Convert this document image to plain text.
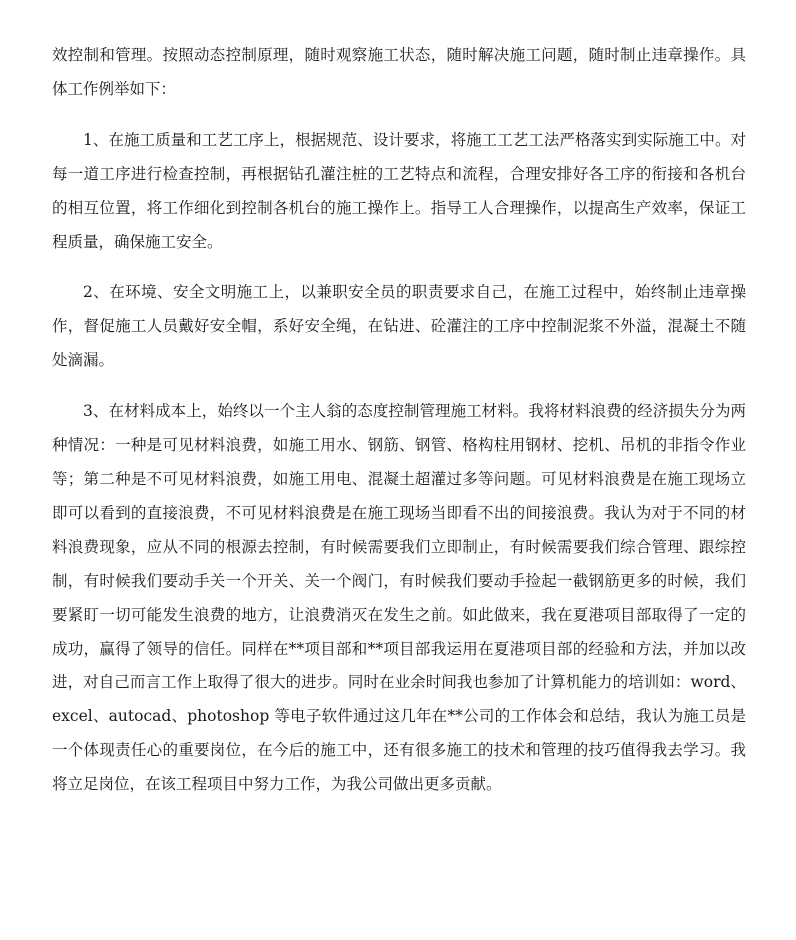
效控制和管理。按照动态控制原理，随时观察施工状态，随时解决施工问题，随时制止违章操作。具体工作例举如下：

1、在施工质量和工艺工序上，根据规范、设计要求，将施工工艺工法严格落实到实际施工中。对每一道工序进行检查控制，再根据钻孔灌注桩的工艺特点和流程，合理安排好各工序的衔接和各机台的相互位置，将工作细化到控制各机台的施工操作上。指导工人合理操作，以提高生产效率，保证工程质量，确保施工安全。

2、在环境、安全文明施工上，以兼职安全员的职责要求自己，在施工过程中，始终制止违章操作，督促施工人员戴好安全帽，系好安全绳，在钻进、砼灌注的工序中控制泥浆不外溢，混凝土不随处滴漏。

3、在材料成本上，始终以一个主人翁的态度控制管理施工材料。我将材料浪费的经济损失分为两种情况：一种是可见材料浪费，如施工用水、钢筋、钢管、格构柱用钢材、挖机、吊机的非指令作业等；第二种是不可见材料浪费，如施工用电、混凝土超灌过多等问题。可见材料浪费是在施工现场立即可以看到的直接浪费，不可见材料浪费是在施工现场当即看不出的间接浪费。我认为对于不同的材料浪费现象，应从不同的根源去控制，有时候需要我们立即制止，有时候需要我们综合管理、跟综控制，有时候我们要动手关一个开关、关一个阀门，有时候我们要动手捡起一截钢筋更多的时候，我们要紧盯一切可能发生浪费的地方，让浪费消灭在发生之前。如此做来，我在夏港项目部取得了一定的成功，赢得了领导的信任。同样在**项目部和**项目部我运用在夏港项目部的经验和方法，并加以改进，对自己而言工作上取得了很大的进步。同时在业余时间我也参加了计算机能力的培训如：word、excel、autocad、photoshop 等电子软件通过这几年在**公司的工作体会和总结，我认为施工员是一个体现责任心的重要岗位，在今后的施工中，还有很多施工的技术和管理的技巧值得我去学习。我将立足岗位，在该工程项目中努力工作，为我公司做出更多贡献。
